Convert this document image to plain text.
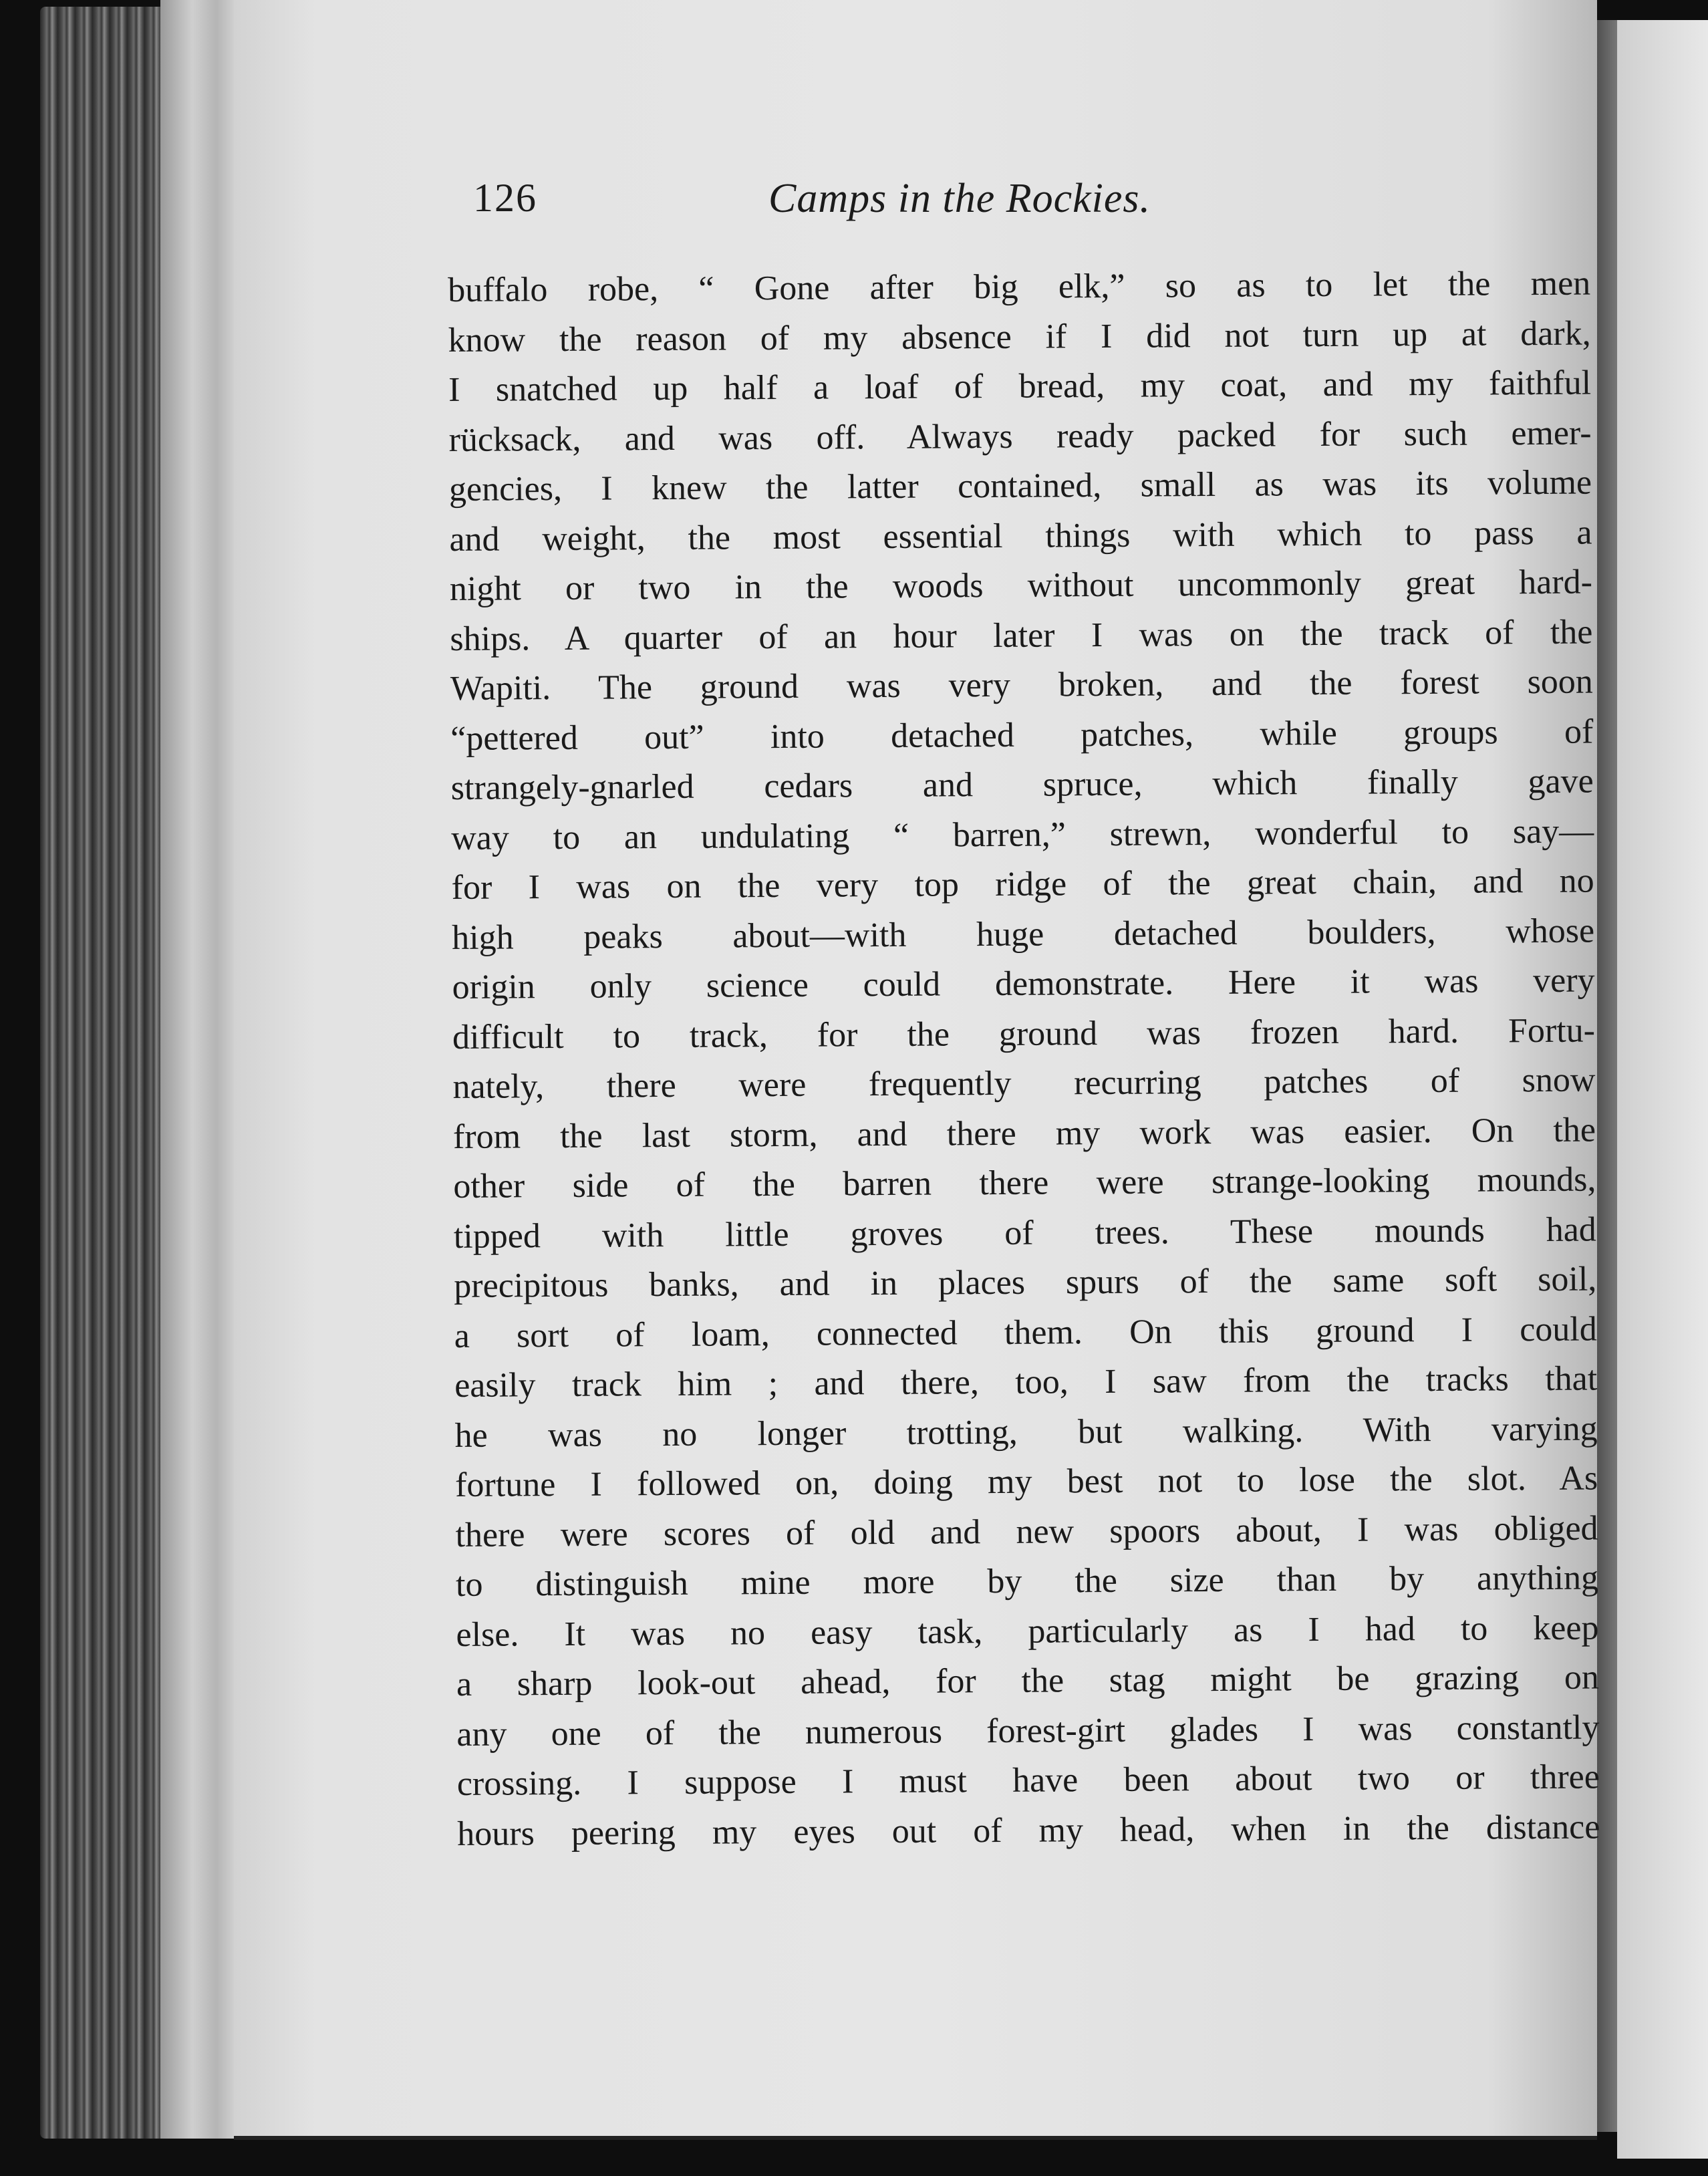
126	Camps in the Rockies.
buffalo robe, “ Gone after big elk,” so as to let the men
know the reason of my absence if I did not turn up at dark,
I snatched up half a loaf of bread, my coat, and my faithful
rücksack, and was off. Always ready packed for such emer-
gencies, I knew the latter contained, small as was its volume
and weight, the most essential things with which to pass a
night or two in the woods without uncommonly great hard-
ships. A quarter of an hour later I was on the track of the
Wapiti. The ground was very broken, and the forest soon
“pettered out” into detached patches, while groups of
strangely-gnarled cedars and spruce, which finally gave
way to an undulating “ barren,” strewn, wonderful to say—
for I was on the very top ridge of the great chain, and no
high peaks about—with huge detached boulders, whose
origin only science could demonstrate. Here it was very
difficult to track, for the ground was frozen hard. Fortu-
nately, there were frequently recurring patches of snow
from the last storm, and there my work was easier. On the
other side of the barren there were strange-looking mounds,
tipped with little groves of trees. These mounds had
precipitous banks, and in places spurs of the same soft soil,
a sort of loam, connected them. On this ground I could
easily track him ; and there, too, I saw from the tracks that
he was no longer trotting, but walking. With varying
fortune I followed on, doing my best not to lose the slot. As
there were scores of old and new spoors about, I was obliged
to distinguish mine more by the size than by anything
else. It was no easy task, particularly as I had to keep
a sharp look-out ahead, for the stag might be grazing on
any one of the numerous forest-girt glades I was constantly
crossing. I suppose I must have been about two or three
hours peering my eyes out of my head, when in the distance
